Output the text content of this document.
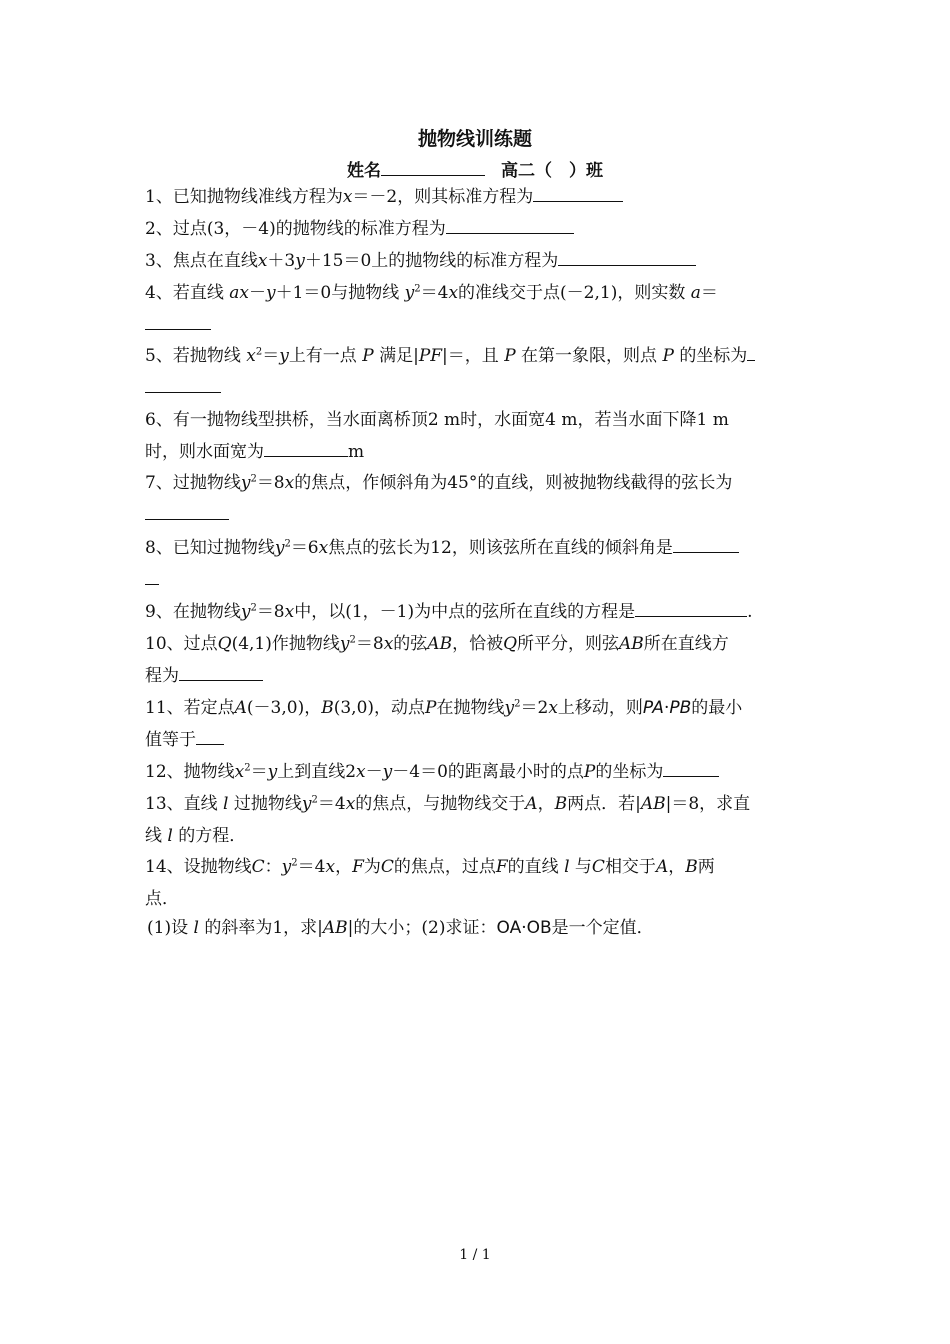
抛物线训练题
姓名	高二（　）班
1、已知抛物线准线方程为x＝－2，则其标准方程为
2、过点(3，－4)的抛物线的标准方程为
3、焦点在直线x＋3y＋15＝0上的抛物线的标准方程为
4、若直线 ax－y＋1＝0与抛物线 $y^2=4x$的准线交于点(－2,1)，则实数 a＝
5、若抛物线 $x^2=y$上有一点 P 满足|PF|＝，且 P 在第一象限，则点 P 的坐标为
6、有一抛物线型拱桥，当水面离桥顶2 m时，水面宽4 m，若当水面下降1 m
时，则水面宽为	m
7、过抛物线$y^2=8x$的焦点，作倾斜角为45°的直线，则被抛物线截得的弦长为
8、已知过抛物线$y^2=6x$焦点的弦长为12，则该弦所在直线的倾斜角是
9、在抛物线$y^2=8x$中，以(1，－1)为中点的弦所在直线的方程是	.
10、过点Q(4,1)作抛物线$y^2=8x$的弦AB，恰被Q所平分，则弦AB所在直线方
程为
11、若定点A(－3,0)，B(3,0)，动点P在抛物线$y^2=2x$上移动，则PA·PB的最小
值等于
12、抛物线$x^2=y$上到直线2x－y－4＝0的距离最小时的点P的坐标为
13、直线 l 过抛物线$y^2=4x$的焦点，与抛物线交于A，B两点．若|AB|＝8，求直
线 l 的方程．
14、设抛物线C：$y^2=4x$，F为C的焦点，过点F的直线 l 与C相交于A，B两
点．
(1)设 l 的斜率为1，求|AB|的大小；(2)求证：OA·OB是一个定值．
1 / 1
